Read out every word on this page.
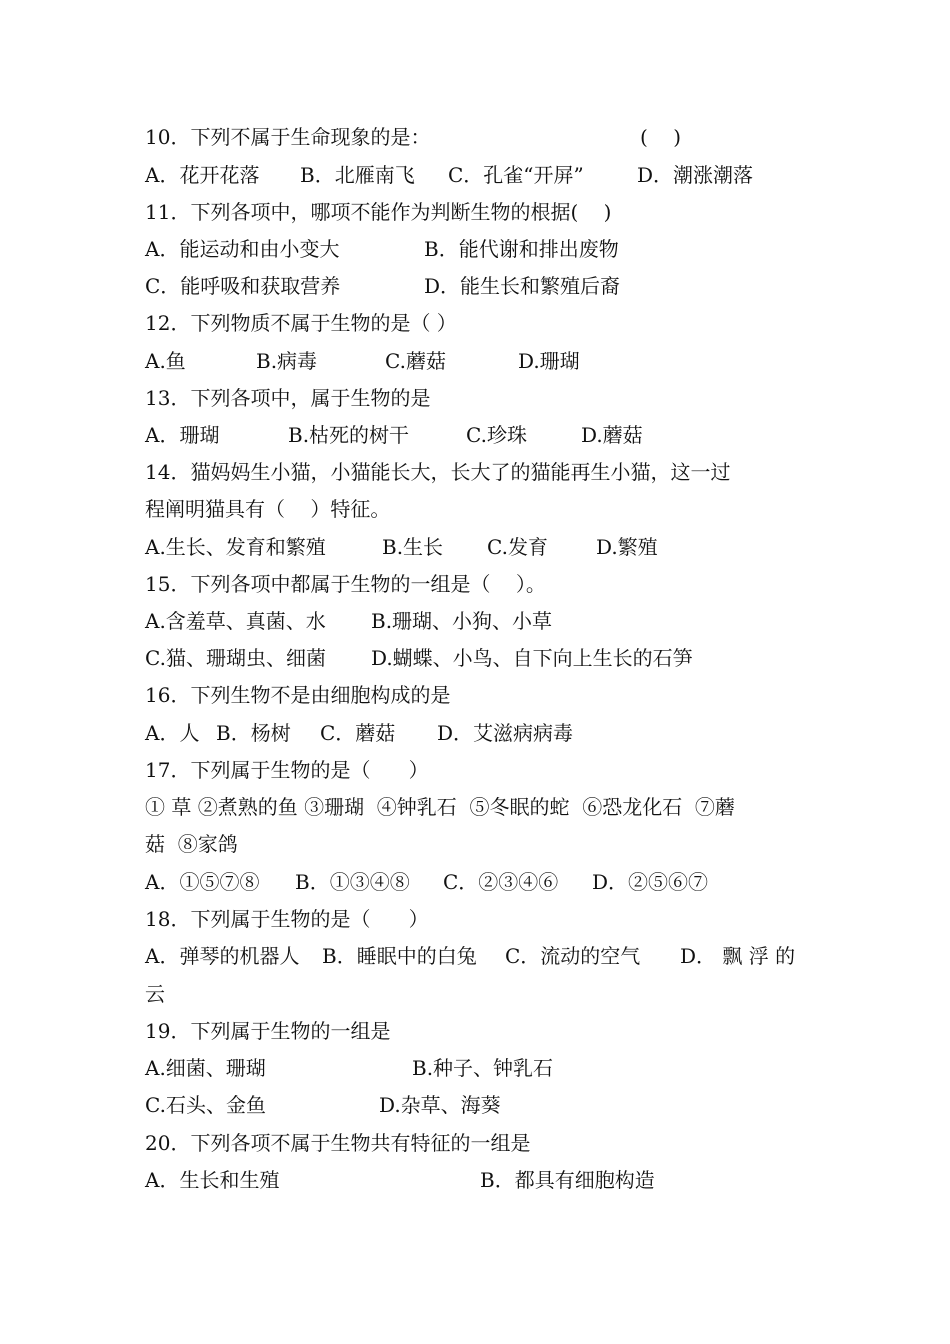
10．下列不属于生命现象的是：

	(    )

A．花开花落

B．北雁南飞

C．孔雀“开屏”

	D．潮涨潮落

11．下列各项中，哪项不能作为判断生物的根据(    )

A．能运动和由小变大

	B．能代谢和排出废物

C．能呼吸和获取营养

	D．能生长和繁殖后裔

12．下列物质不属于生物的是（ ）

A.鱼

	B.病毒

	C.蘑菇

	D.珊瑚

13．下列各项中，属于生物的是

A．珊瑚

	B.枯死的树干

	C.珍珠

	D.蘑菇

14．猫妈妈生小猫，小猫能长大，长大了的猫能再生小猫，这一过
程阐明猫具有（    ）特征。

A.生长、发育和繁殖

	B.生长

C.发育

D.繁殖

15．下列各项中都属于生物的一组是（    ）。

A.含羞草、真菌、水

B.珊瑚、小狗、小草

C.猫、珊瑚虫、细菌

D.蝴蝶、小鸟、自下向上生长的石笋

16．下列生物不是由细胞构成的是

A．人

B．杨树

C．蘑菇

D．艾滋病病毒

17．下列属于生物的是（      ）
① 草 ②煮熟的鱼 ③珊瑚  ④钟乳石  ⑤冬眠的蛇  ⑥恐龙化石  ⑦蘑
菇  ⑧家鸽

A．①⑤⑦⑧

B．①③④⑧

C．②③④⑥

D．②⑤⑥⑦

18．下列属于生物的是（      ）

A．弹琴的机器人

B．睡眠中的白兔

C．流动的空气

D． 飘 浮 的

云
19．下列属于生物的一组是

A.细菌、珊瑚

	B.种子、钟乳石

C.石头、金鱼

	D.杂草、海葵

20．下列各项不属于生物共有特征的一组是

A．生长和生殖

	B．都具有细胞构造
